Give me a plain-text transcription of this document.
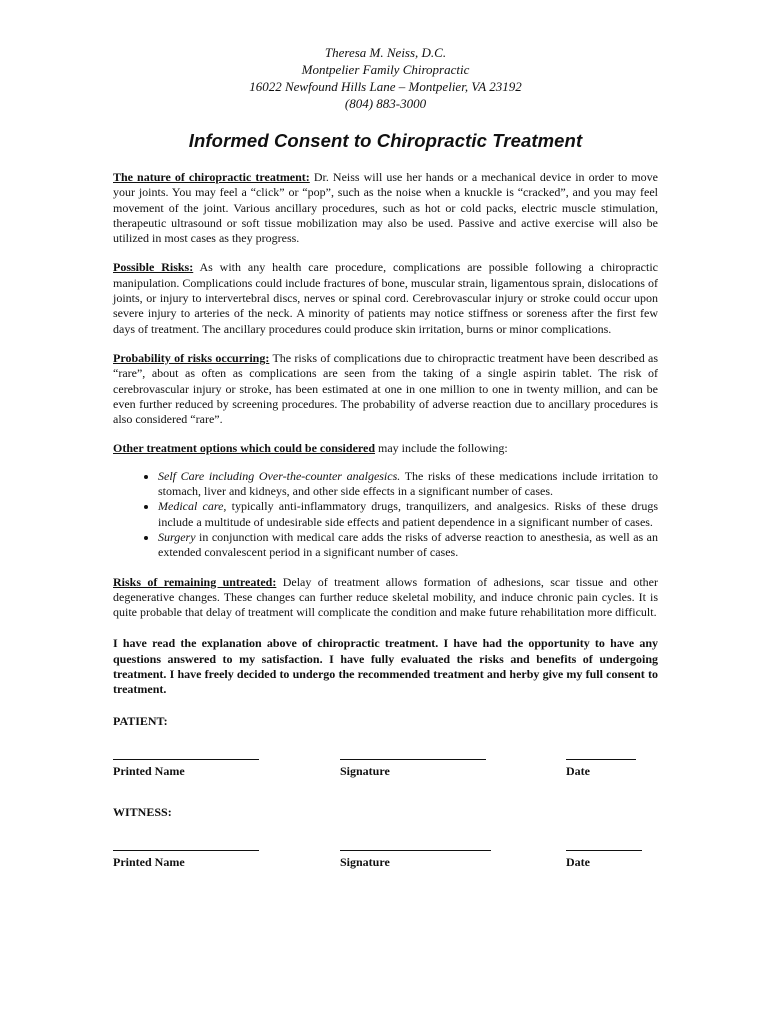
Theresa M. Neiss, D.C.
Montpelier Family Chiropractic
16022 Newfound Hills Lane – Montpelier, VA 23192
(804) 883-3000
Informed Consent to Chiropractic Treatment

The nature of chiropractic treatment: Dr. Neiss will use her hands or a mechanical device in order to move your joints. You may feel a “click” or “pop”, such as the noise when a knuckle is “cracked”, and you may feel movement of the joint. Various ancillary procedures, such as hot or cold packs, electric muscle stimulation, therapeutic ultrasound or soft tissue mobilization may also be used. Passive and active exercise will also be utilized in most cases as they progress.

Possible Risks: As with any health care procedure, complications are possible following a chiropractic manipulation. Complications could include fractures of bone, muscular strain, ligamentous sprain, dislocations of joints, or injury to intervertebral discs, nerves or spinal cord. Cerebrovascular injury or stroke could occur upon severe injury to arteries of the neck. A minority of patients may notice stiffness or soreness after the first few days of treatment. The ancillary procedures could produce skin irritation, burns or minor complications.

Probability of risks occurring: The risks of complications due to chiropractic treatment have been described as “rare”, about as often as complications are seen from the taking of a single aspirin tablet. The risk of cerebrovascular injury or stroke, has been estimated at one in one million to one in twenty million, and can be even further reduced by screening procedures. The probability of adverse reaction due to ancillary procedures is also considered “rare”.

Other treatment options which could be considered may include the following:

• Self Care including Over-the-counter analgesics. The risks of these medications include irritation to stomach, liver and kidneys, and other side effects in a significant number of cases.
• Medical care, typically anti-inflammatory drugs, tranquilizers, and analgesics. Risks of these drugs include a multitude of undesirable side effects and patient dependence in a significant number of cases.
• Surgery in conjunction with medical care adds the risks of adverse reaction to anesthesia, as well as an extended convalescent period in a significant number of cases.

Risks of remaining untreated: Delay of treatment allows formation of adhesions, scar tissue and other degenerative changes. These changes can further reduce skeletal mobility, and induce chronic pain cycles. It is quite probable that delay of treatment will complicate the condition and make future rehabilitation more difficult.

I have read the explanation above of chiropractic treatment. I have had the opportunity to have any questions answered to my satisfaction. I have fully evaluated the risks and benefits of undergoing treatment. I have freely decided to undergo the recommended treatment and herby give my full consent to treatment.

PATIENT:
Printed Name	Signature	Date
WITNESS:
Printed Name	Signature	Date
